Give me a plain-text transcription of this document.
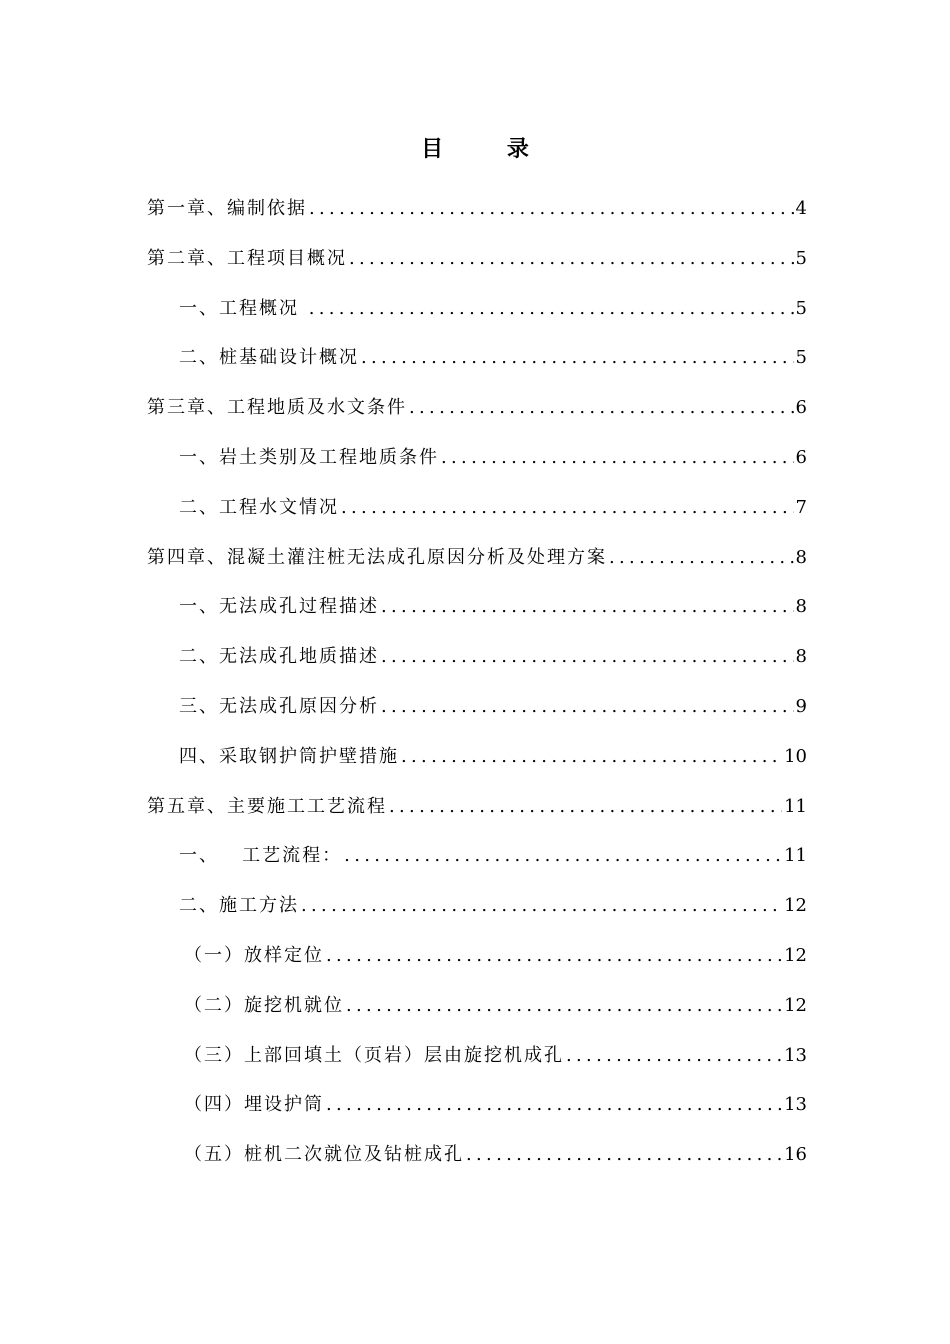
目 录
第一章、编制依据 .....	4
第二章、工程项目概况 .....	5
一、工程概况 .....	5
二、桩基础设计概况 .....	5
第三章、工程地质及水文条件 .....	6
一、岩土类别及工程地质条件 .....	6
二、工程水文情况 .....	7
第四章、混凝土灌注桩无法成孔原因分析及处理方案 .....	8
一、无法成孔过程描述 .....	8
二、无法成孔地质描述 .....	8
三、无法成孔原因分析 .....	9
四、采取钢护筒护壁措施 .....	10
第五章、主要施工工艺流程 .....	11
一、   工艺流程： .....	11
二、施工方法 .....	12
（一）放样定位 .....	12
（二）旋挖机就位 .....	12
（三）上部回填土（页岩）层由旋挖机成孔 .....	13
（四）埋设护筒 .....	13
（五）桩机二次就位及钻桩成孔 .....	16
